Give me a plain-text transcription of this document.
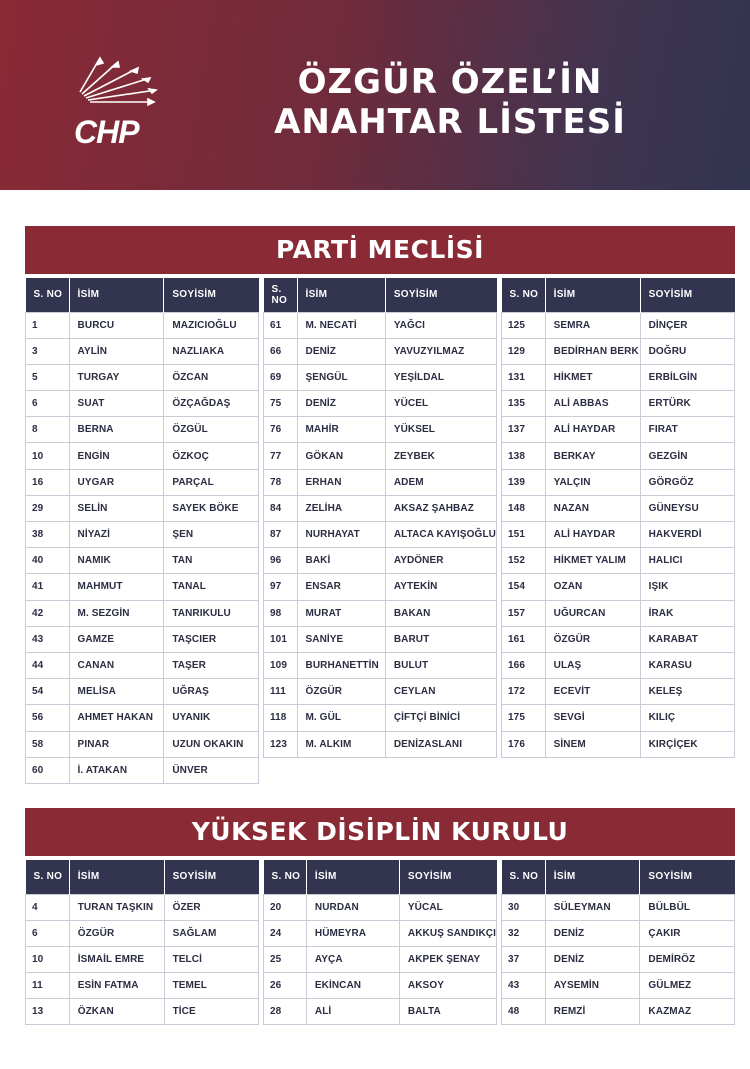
CHP
ÖZGÜR ÖZEL’İN
ANAHTAR LİSTESİ
PARTİ MECLİSİ
S. NO	İSİM	SOYİSİM
1	BURCU	MAZICIOĞLU
3	AYLİN	NAZLIAKA
5	TURGAY	ÖZCAN
6	SUAT	ÖZÇAĞDAŞ
8	BERNA	ÖZGÜL
10	ENGİN	ÖZKOÇ
16	UYGAR	PARÇAL
29	SELİN	SAYEK BÖKE
38	NİYAZİ	ŞEN
40	NAMIK	TAN
41	MAHMUT	TANAL
42	M. SEZGİN	TANRIKULU
43	GAMZE	TAŞCIER
44	CANAN	TAŞER
54	MELİSA	UĞRAŞ
56	AHMET HAKAN	UYANIK
58	PINAR	UZUN OKAKIN
60	İ. ATAKAN	ÜNVER
S. NO	İSİM	SOYİSİM
61	M. NECATİ	YAĞCI
66	DENİZ	YAVUZYILMAZ
69	ŞENGÜL	YEŞİLDAL
75	DENİZ	YÜCEL
76	MAHİR	YÜKSEL
77	GÖKAN	ZEYBEK
78	ERHAN	ADEM
84	ZELİHA	AKSAZ ŞAHBAZ
87	NURHAYAT	ALTACA KAYIŞOĞLU
96	BAKİ	AYDÖNER
97	ENSAR	AYTEKİN
98	MURAT	BAKAN
101	SANİYE	BARUT
109	BURHANETTİN	BULUT
111	ÖZGÜR	CEYLAN
118	M. GÜL	ÇİFTÇİ BİNİCİ
123	M. ALKIM	DENİZASLANI
S. NO	İSİM	SOYİSİM
125	SEMRA	DİNÇER
129	BEDİRHAN BERK	DOĞRU
131	HİKMET	ERBİLGİN
135	ALİ ABBAS	ERTÜRK
137	ALİ HAYDAR	FIRAT
138	BERKAY	GEZGİN
139	YALÇIN	GÖRGÖZ
148	NAZAN	GÜNEYSU
151	ALİ HAYDAR	HAKVERDİ
152	HİKMET YALIM	HALICI
154	OZAN	IŞIK
157	UĞURCAN	İRAK
161	ÖZGÜR	KARABAT
166	ULAŞ	KARASU
172	ECEVİT	KELEŞ
175	SEVGİ	KILIÇ
176	SİNEM	KIRÇİÇEK
YÜKSEK DİSİPLİN KURULU
S. NO	İSİM	SOYİSİM
4	TURAN TAŞKIN	ÖZER
6	ÖZGÜR	SAĞLAM
10	İSMAİL EMRE	TELCİ
11	ESİN FATMA	TEMEL
13	ÖZKAN	TİCE
S. NO	İSİM	SOYİSİM
20	NURDAN	YÜCAL
24	HÜMEYRA	AKKUŞ SANDIKÇI
25	AYÇA	AKPEK ŞENAY
26	EKİNCAN	AKSOY
28	ALİ	BALTA
S. NO	İSİM	SOYİSİM
30	SÜLEYMAN	BÜLBÜL
32	DENİZ	ÇAKIR
37	DENİZ	DEMİRÖZ
43	AYSEMİN	GÜLMEZ
48	REMZİ	KAZMAZ
